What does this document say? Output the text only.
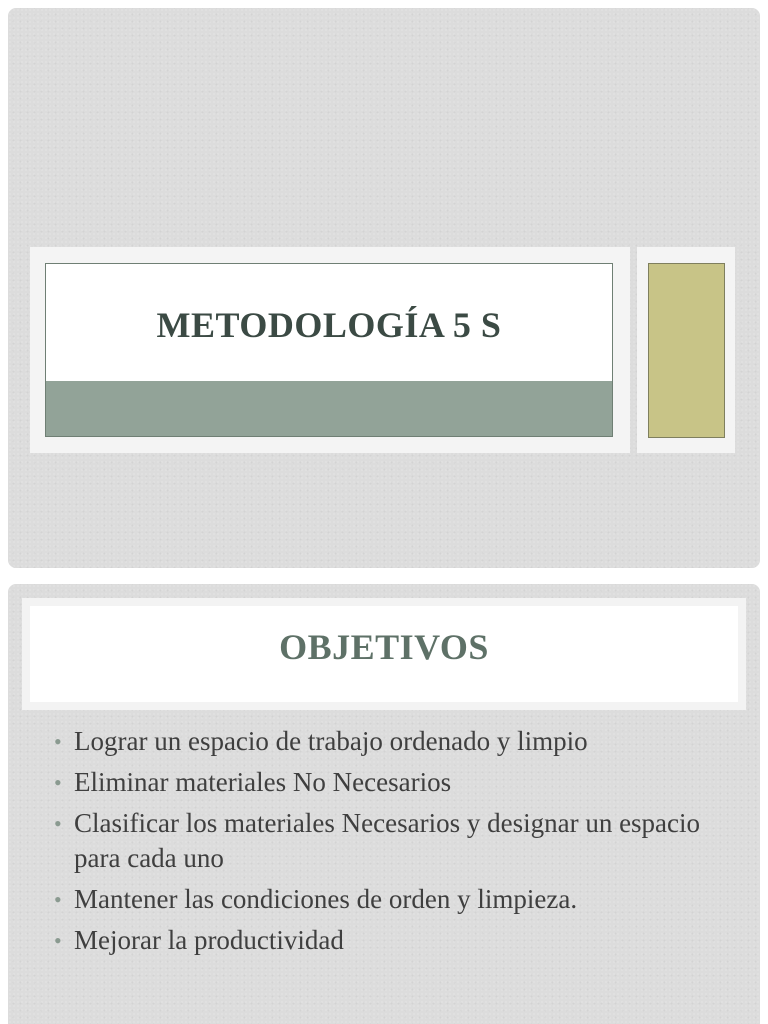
METODOLOGÍA 5 S
OBJETIVOS
• Lograr un espacio de trabajo ordenado y limpio
• Eliminar materiales No Necesarios
• Clasificar los materiales Necesarios y designar un espacio para cada uno
• Mantener las condiciones de orden y limpieza.
• Mejorar la productividad
